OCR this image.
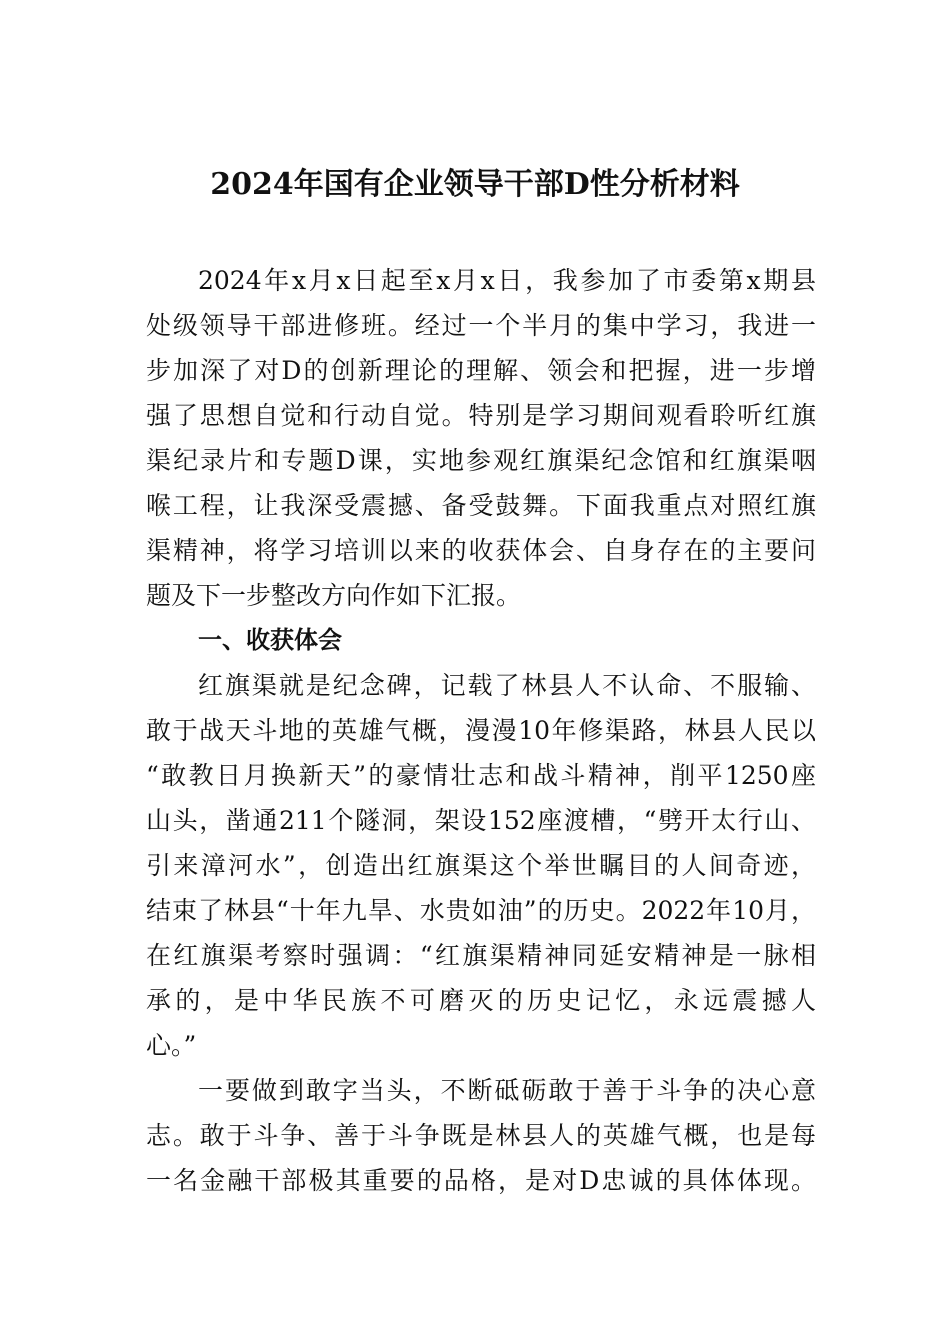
2024年国有企业领导干部D性分析材料
2024年x月x日起至x月x日，我参加了市委第x期县
处级领导干部进修班。经过一个半月的集中学习，我进一
步加深了对D的创新理论的理解、领会和把握，进一步增
强了思想自觉和行动自觉。特别是学习期间观看聆听红旗
渠纪录片和专题D课，实地参观红旗渠纪念馆和红旗渠咽
喉工程，让我深受震撼、备受鼓舞。下面我重点对照红旗
渠精神，将学习培训以来的收获体会、自身存在的主要问
题及下一步整改方向作如下汇报。
一、收获体会
红旗渠就是纪念碑，记载了林县人不认命、不服输、
敢于战天斗地的英雄气概，漫漫10年修渠路，林县人民以
“敢教日月换新天”的豪情壮志和战斗精神，削平1250座
山头，凿通211个隧洞，架设152座渡槽，“劈开太行山、
引来漳河水”，创造出红旗渠这个举世瞩目的人间奇迹，
结束了林县“十年九旱、水贵如油”的历史。2022年10月，
在红旗渠考察时强调：“红旗渠精神同延安精神是一脉相
承的，是中华民族不可磨灭的历史记忆，永远震撼人
心。”
一要做到敢字当头，不断砥砺敢于善于斗争的决心意
志。敢于斗争、善于斗争既是林县人的英雄气概，也是每
一名金融干部极其重要的品格，是对D忠诚的具体体现。
